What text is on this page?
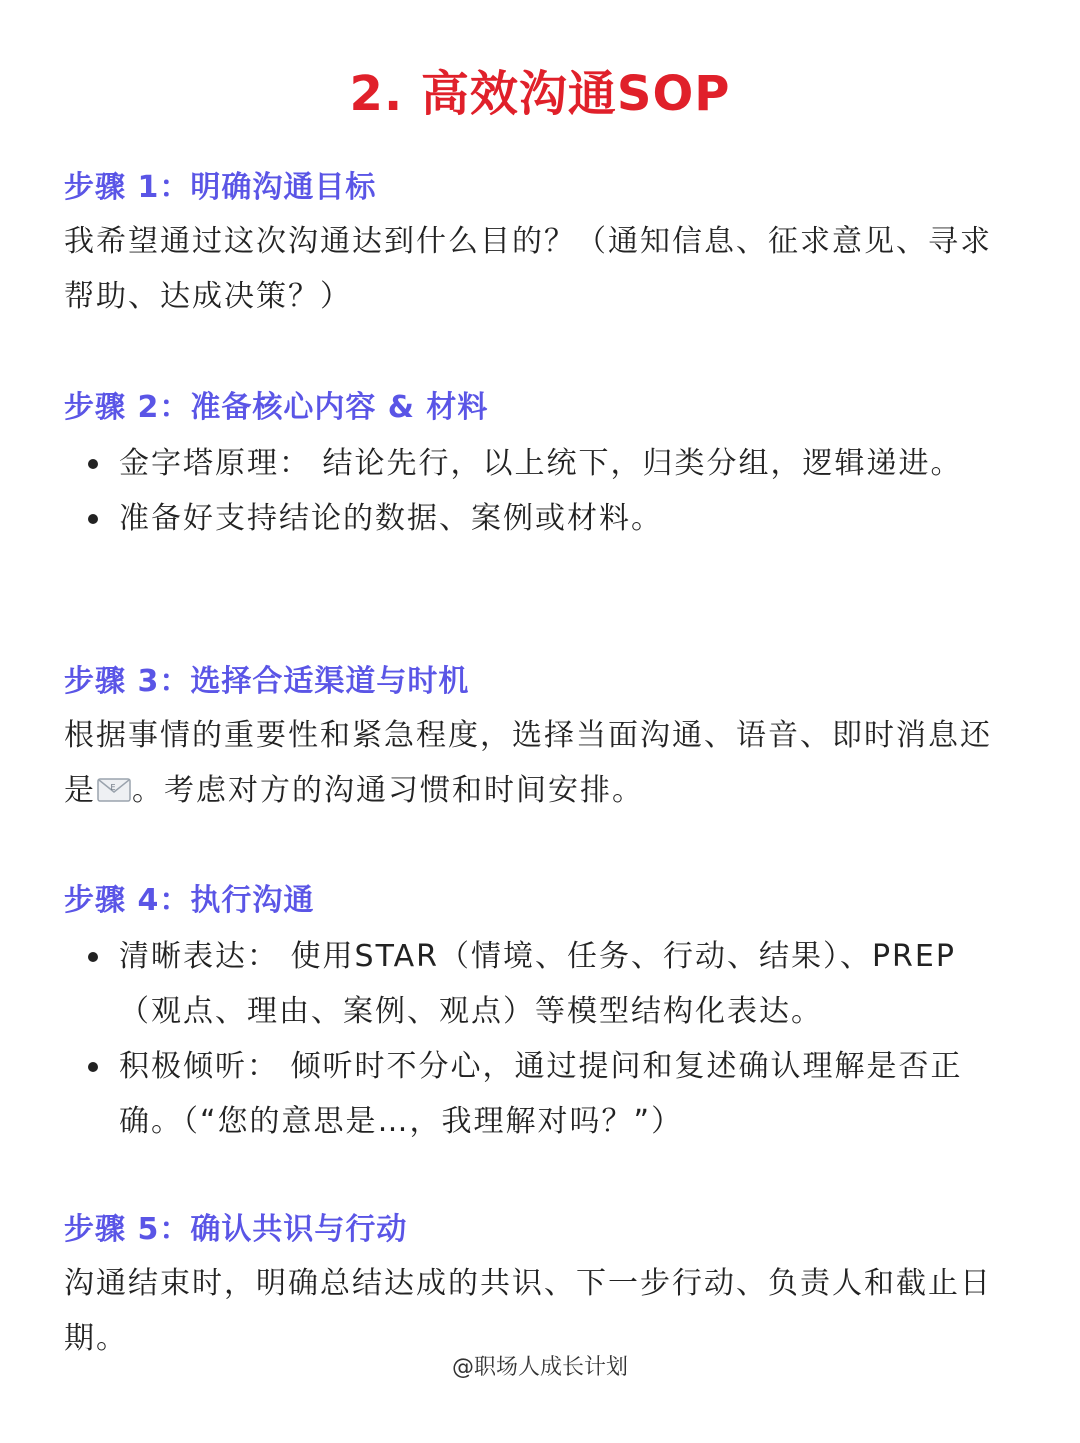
2. 高效沟通SOP
步骤 1：明确沟通目标

我希望通过这次沟通达到什么目的？（通知信息、征求意见、寻求帮助、达成决策？）

步骤 2：准备核心内容 & 材料
金字塔原理： 结论先行，以上统下，归类分组，逻辑递进。
准备好支持结论的数据、案例或材料。
步骤 3：选择合适渠道与时机

根据事情的重要性和紧急程度，选择当面沟通、语音、即时消息还是 E 。考虑对方的沟通习惯和时间安排。

步骤 4：执行沟通
清晰表达： 使用STAR（情境、任务、行动、结果）、PREP（观点、理由、案例、观点）等模型结构化表达。
积极倾听： 倾听时不分心，通过提问和复述确认理解是否正确。（“您的意思是…，我理解对吗？”）
步骤 5：确认共识与行动

沟通结束时，明确总结达成的共识、下一步行动、负责人和截止日期。

@职场人成长计划
